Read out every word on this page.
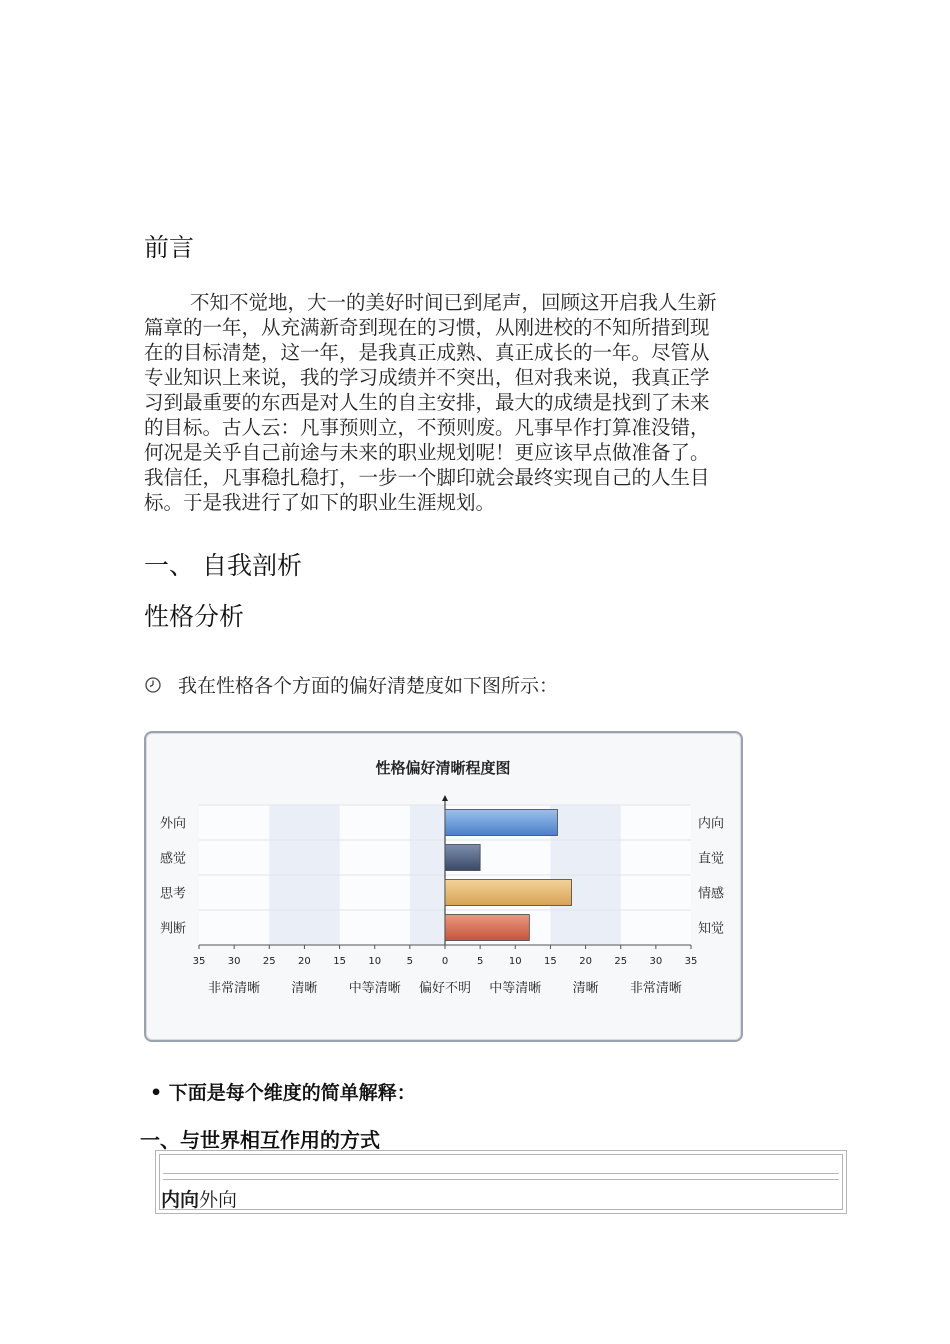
前言
不知不觉地，大一的美好时间已到尾声，回顾这开启我人生新
篇章的一年，从充满新奇到现在的习惯，从刚进校的不知所措到现
在的目标清楚，这一年，是我真正成熟、真正成长的一年。尽管从
专业知识上来说，我的学习成绩并不突出，但对我来说，我真正学
习到最重要的东西是对人生的自主安排，最大的成绩是找到了未来
的目标。古人云：凡事预则立，不预则废。凡事早作打算准没错，
何况是关乎自己前途与未来的职业规划呢！更应该早点做准备了。
我信任，凡事稳扎稳打，一步一个脚印就会最终实现自己的人生目
标。于是我进行了如下的职业生涯规划。
一、 自我剖析
性格分析
我在性格各个方面的偏好清楚度如下图所示：
外向	内向
感觉	直觉
思考	情感
判断	知觉
35 30 25 20 15 10	5	0	5	10 15 20 25 30 35
非常清晰 清晰 中等清晰 偏好不明 中等清晰 清晰 非常清晰
性格偏好清晰程度图
• 下面是每个维度的简单解释：
一、与世界相互作用的方式
内向外向
